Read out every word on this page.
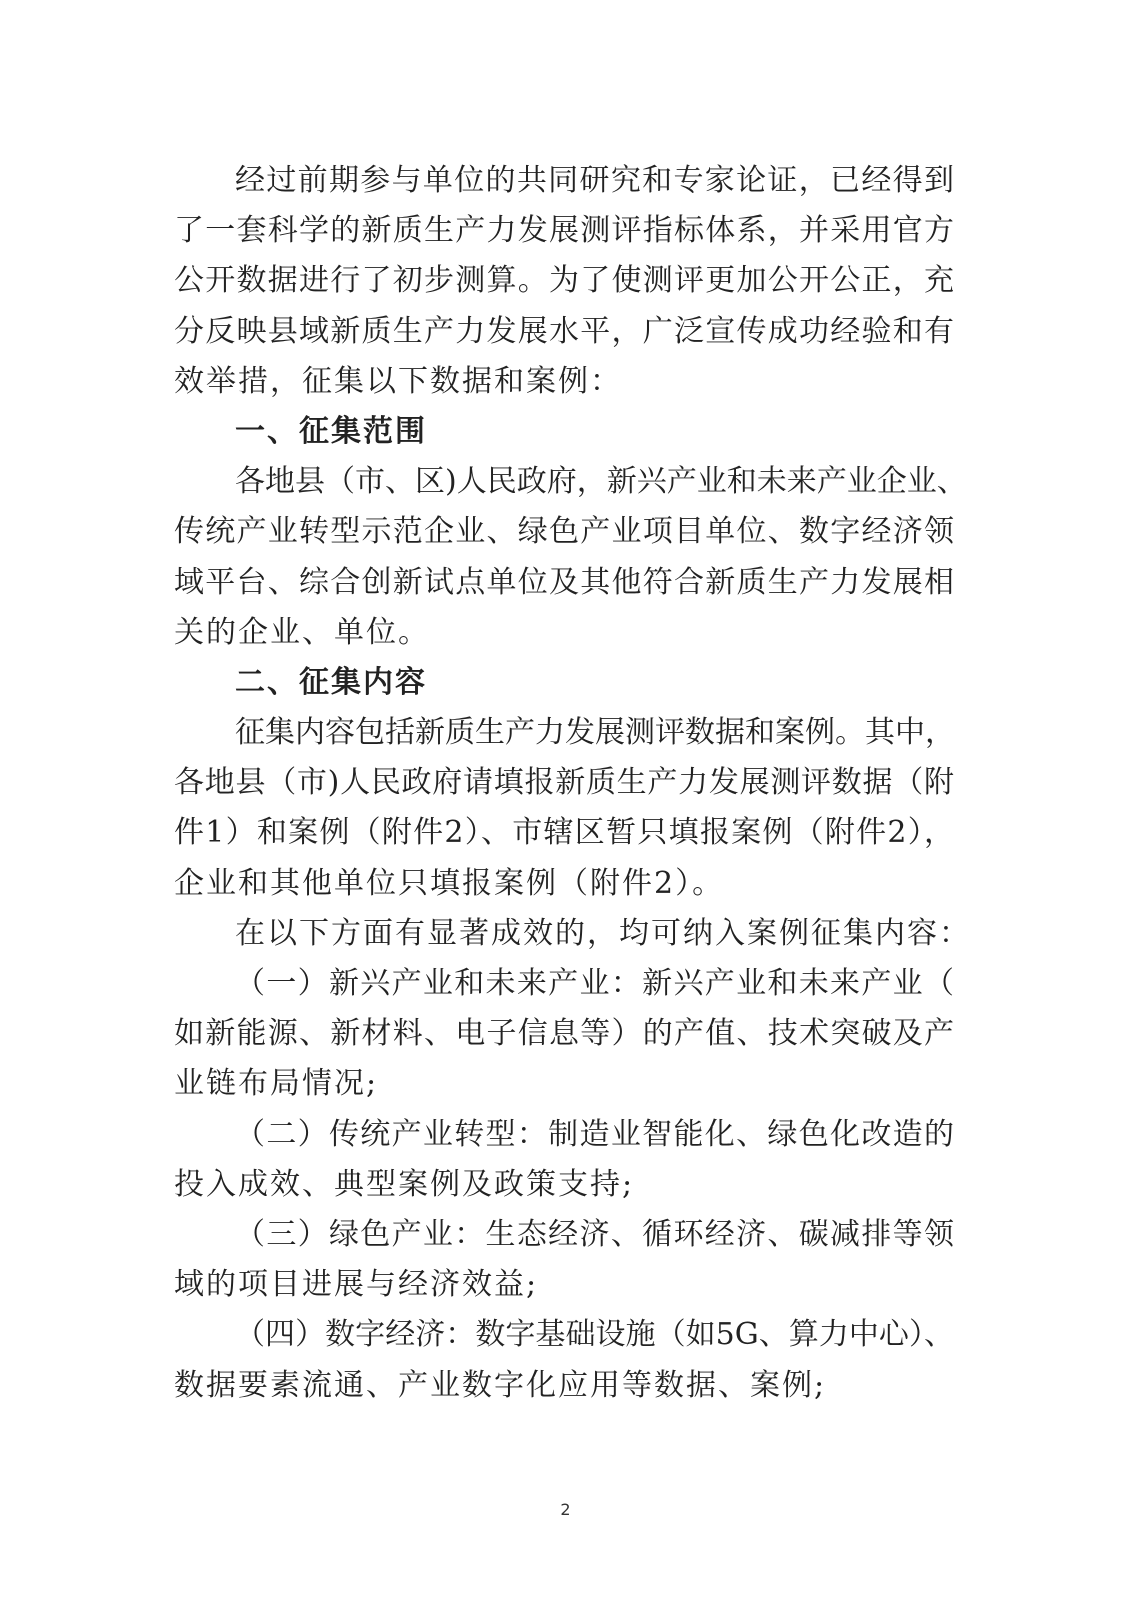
经过前期参与单位的共同研究和专家论证，已经得到
了一套科学的新质生产力发展测评指标体系，并采用官方
公开数据进行了初步测算。为了使测评更加公开公正，充
分反映县域新质生产力发展水平，广泛宣传成功经验和有
效举措，征集以下数据和案例：
一、征集范围
各地县（市、区)人民政府，新兴产业和未来产业企业、
传统产业转型示范企业、绿色产业项目单位、数字经济领
域平台、综合创新试点单位及其他符合新质生产力发展相
关的企业、单位。
二、征集内容
征集内容包括新质生产力发展测评数据和案例。其中，
各地县（市)人民政府请填报新质生产力发展测评数据（附
件1）和案例（附件2）、市辖区暂只填报案例（附件2），
企业和其他单位只填报案例（附件2）。
在以下方面有显著成效的，均可纳入案例征集内容：
（一）新兴产业和未来产业：新兴产业和未来产业（
如新能源、新材料、电子信息等）的产值、技术突破及产
业链布局情况;
（二）传统产业转型：制造业智能化、绿色化改造的
投入成效、典型案例及政策支持;
（三）绿色产业：生态经济、循环经济、碳减排等领
域的项目进展与经济效益;
（四）数字经济：数字基础设施（如5G、算力中心）、
数据要素流通、产业数字化应用等数据、案例;
2
